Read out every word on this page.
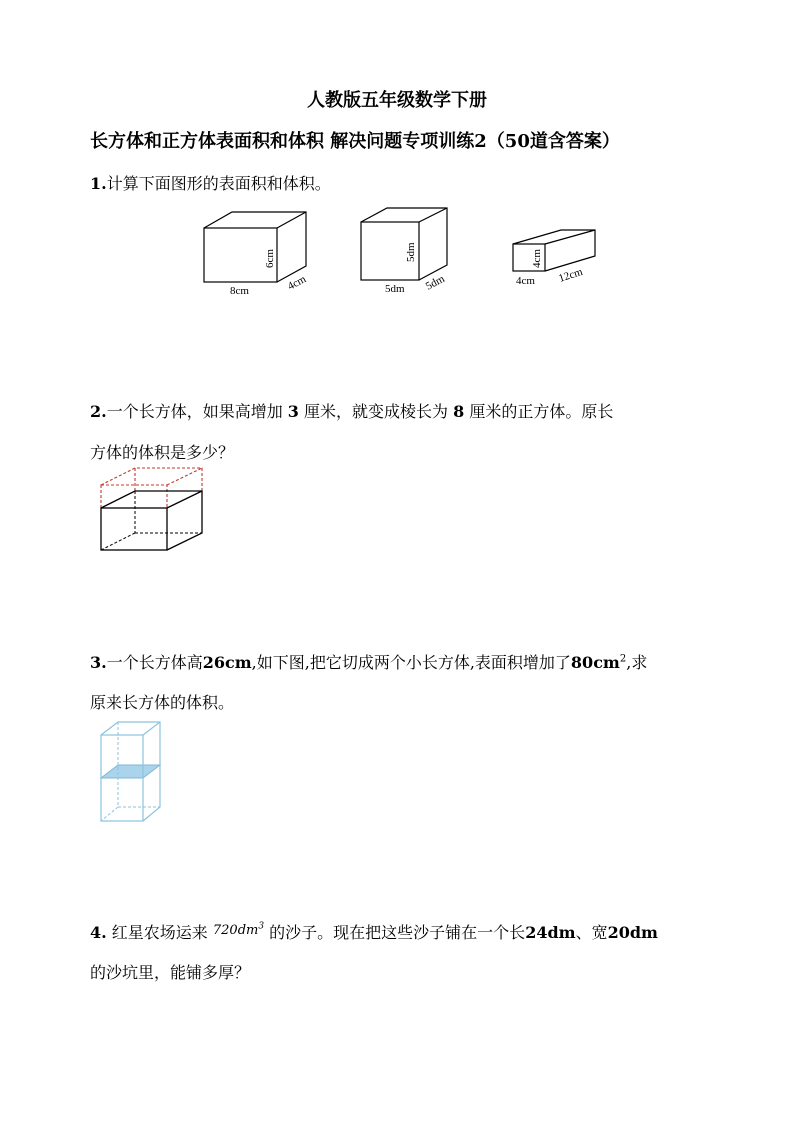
人教版五年级数学下册
长方体和正方体表面积和体积 解决问题专项训练2（50道含答案）
1.计算下面图形的表面积和体积。
8cm	4cm
6cm
5dm 5dm
5dm
4cm 12cm
4cm
2.一个长方体，如果高增加 3 厘米，就变成棱长为 8 厘米的正方体。原长
方体的体积是多少？
3.一个长方体高26cm,如下图,把它切成两个小长方体,表面积增加了$80cm^2$,求
原来长方体的体积。
4. 红星农场运来 $^{720dm^3}$ 的沙子。现在把这些沙子铺在一个长24dm、宽20dm
的沙坑里，能铺多厚？
